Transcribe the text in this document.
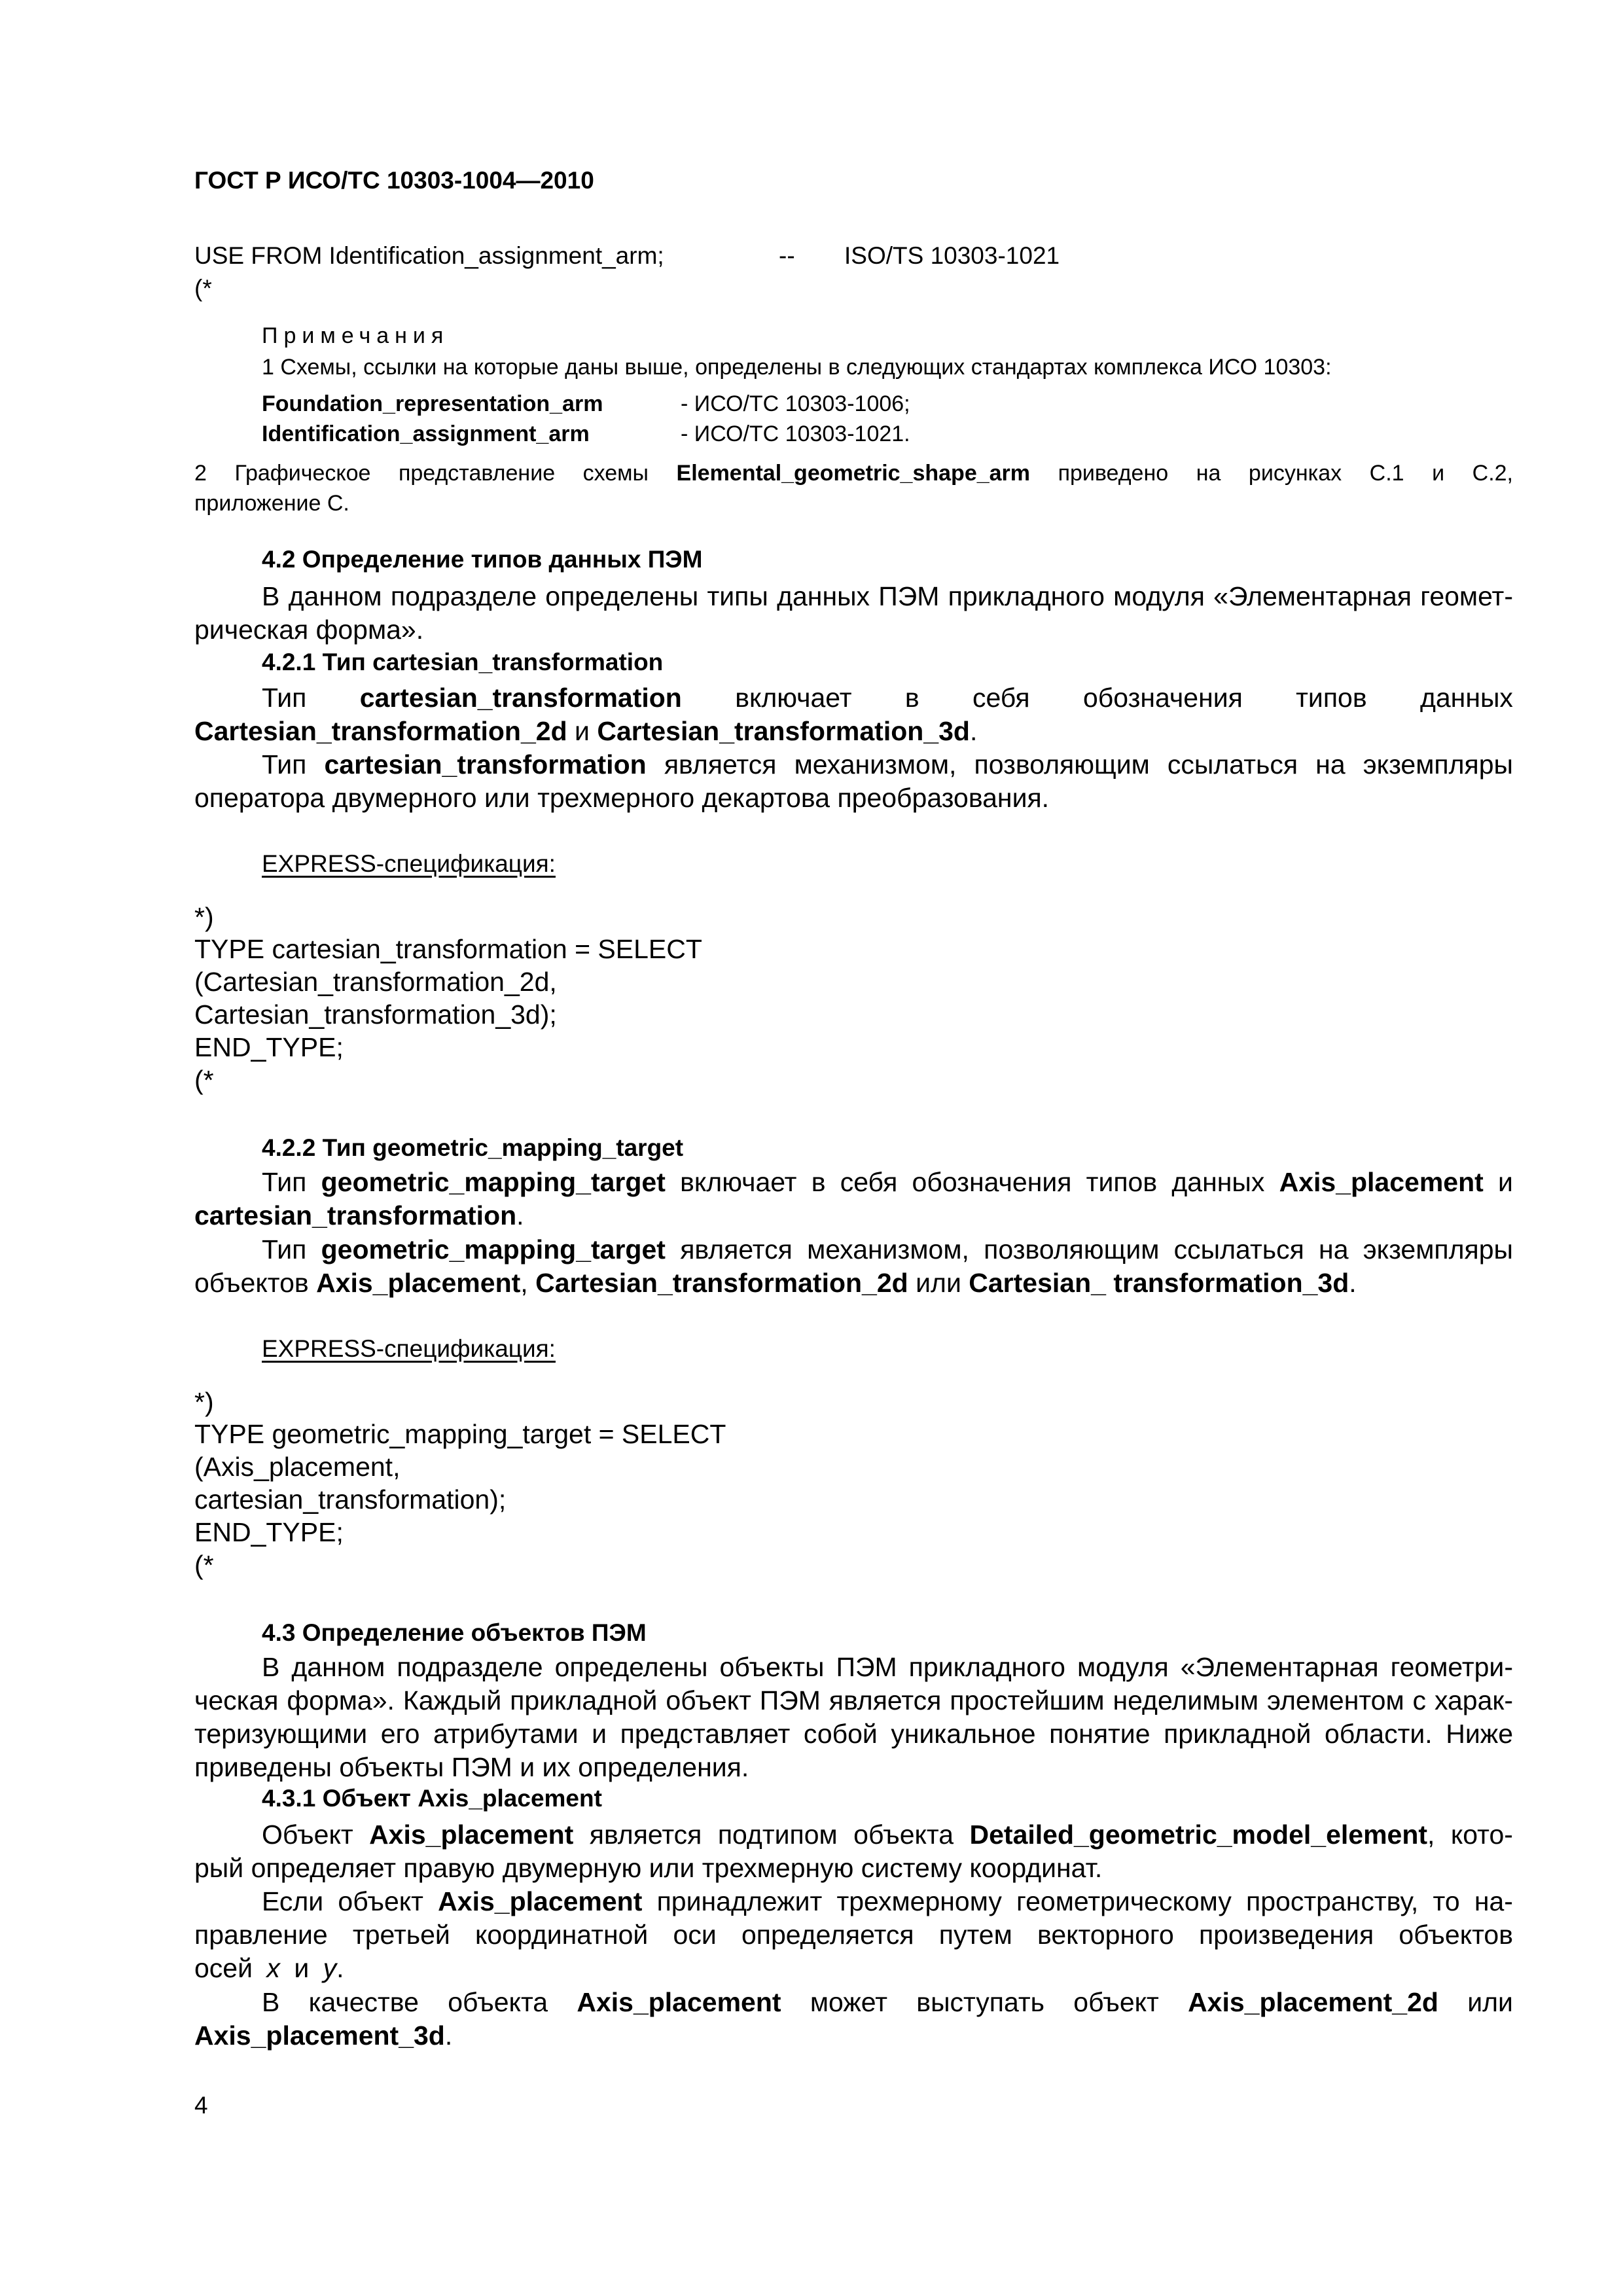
ГОСТ Р ИСО/ТС 10303-1004—2010
USE FROM Identification_assignment_arm;	-- ISO/TS 10303-1021
(*
Примечания
1 Схемы, ссылки на которые даны выше, определены в следующих стандартах комплекса ИСО 10303:
Foundation_representation_arm	- ИСО/ТС 10303-1006;
Identification_assignment_arm	- ИСО/ТС 10303-1021.
2 Графическое представление схемы Elemental_geometric_shape_arm приведено на рисунках С.1 и С.2,
приложение С.
4.2 Определение типов данных ПЭМ
В данном подразделе определены типы данных ПЭМ прикладного модуля «Элементарная геомет-
рическая форма».
4.2.1 Тип cartesian_transformation
Тип cartesian_transformation включает в себя обозначения типов данных
Cartesian_transformation_2d и Cartesian_transformation_3d.
Тип cartesian_transformation является механизмом, позволяющим ссылаться на экземпляры
оператора двумерного или трехмерного декартова преобразования.
EXPRESS-спецификация:
*)
TYPE cartesian_transformation = SELECT
(Cartesian_transformation_2d,
Cartesian_transformation_3d);
END_TYPE;
(*
4.2.2 Тип geometric_mapping_target
Тип geometric_mapping_target включает в себя обозначения типов данных Axis_placement и
cartesian_transformation.
Тип geometric_mapping_target является механизмом, позволяющим ссылаться на экземпляры
объектов Axis_placement, Cartesian_transformation_2d или Cartesian_ transformation_3d.
EXPRESS-спецификация:
*)
TYPE geometric_mapping_target = SELECT
(Axis_placement,
cartesian_transformation);
END_TYPE;
(*
4.3 Определение объектов ПЭМ
В данном подразделе определены объекты ПЭМ прикладного модуля «Элементарная геометри-
ческая форма». Каждый прикладной объект ПЭМ является простейшим неделимым элементом с харак-
теризующими его атрибутами и представляет собой уникальное понятие прикладной области. Ниже
приведены объекты ПЭМ и их определения.
4.3.1 Объект Axis_placement
Объект Axis_placement является подтипом объекта Detailed_geometric_model_element, кото-
рый определяет правую двумерную или трехмерную систему координат.
Если объект Axis_placement принадлежит трехмерному геометрическому пространству, то на-
правление третьей координатной оси определяется путем векторного произведения объектов
осей x и y.
В качестве объекта Axis_placement может выступать объект Axis_placement_2d или
Axis_placement_3d.
4
